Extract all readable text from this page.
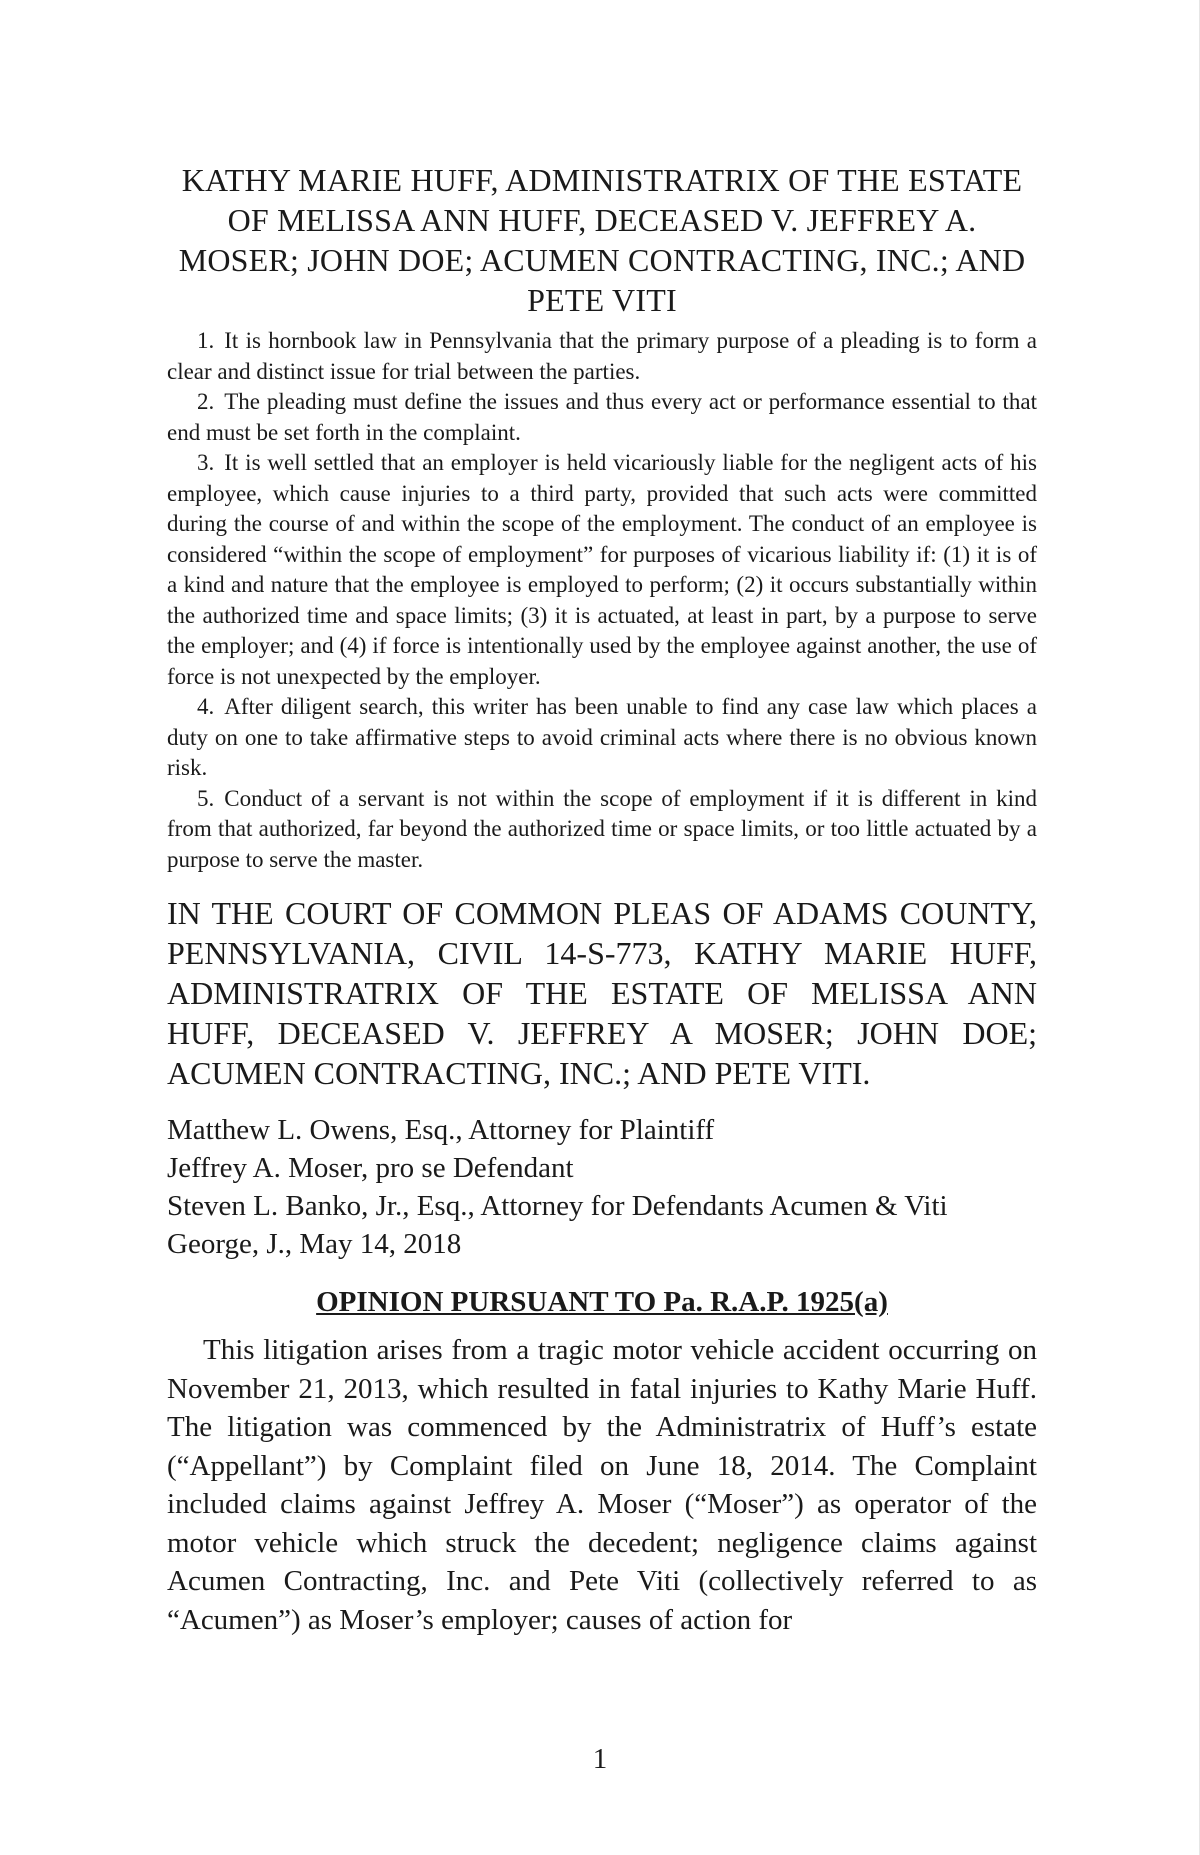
KATHY MARIE HUFF, ADMINISTRATRIX OF THE ESTATE OF MELISSA ANN HUFF, DECEASED V. JEFFREY A. MOSER; JOHN DOE; ACUMEN CONTRACTING, INC.; AND PETE VITI

1. It is hornbook law in Pennsylvania that the primary purpose of a pleading is to form a clear and distinct issue for trial between the parties.

2. The pleading must define the issues and thus every act or performance essential to that end must be set forth in the complaint.

3. It is well settled that an employer is held vicariously liable for the negligent acts of his employee, which cause injuries to a third party, provided that such acts were committed during the course of and within the scope of the employment. The conduct of an employee is considered “within the scope of employment” for purposes of vicarious liability if: (1) it is of a kind and nature that the employee is employed to perform; (2) it occurs substantially within the authorized time and space limits; (3) it is actuated, at least in part, by a purpose to serve the employer; and (4) if force is intentionally used by the employee against another, the use of force is not unexpected by the employer.

4. After diligent search, this writer has been unable to find any case law which places a duty on one to take affirmative steps to avoid criminal acts where there is no obvious known risk.

5. Conduct of a servant is not within the scope of employment if it is different in kind from that authorized, far beyond the authorized time or space limits, or too little actuated by a purpose to serve the master.

IN THE COURT OF COMMON PLEAS OF ADAMS COUNTY, PENNSYLVANIA, CIVIL 14-S-773, KATHY MARIE HUFF, ADMINISTRATRIX OF THE ESTATE OF MELISSA ANN HUFF, DECEASED V. JEFFREY A MOSER; JOHN DOE; ACUMEN CONTRACTING, INC.; AND PETE VITI.

Matthew L. Owens, Esq., Attorney for Plaintiff
Jeffrey A. Moser, pro se Defendant
Steven L. Banko, Jr., Esq., Attorney for Defendants Acumen & Viti
George, J., May 14, 2018
OPINION PURSUANT TO Pa. R.A.P. 1925(a)

This litigation arises from a tragic motor vehicle accident occurring on November 21, 2013, which resulted in fatal injuries to Kathy Marie Huff. The litigation was commenced by the Administratrix of Huff’s estate (“Appellant”) by Complaint filed on June 18, 2014. The Complaint included claims against Jeffrey A. Moser (“Moser”) as operator of the motor vehicle which struck the decedent; negligence claims against Acumen Contracting, Inc. and Pete Viti (collectively referred to as “Acumen”) as Moser’s employer; causes of action for

1
